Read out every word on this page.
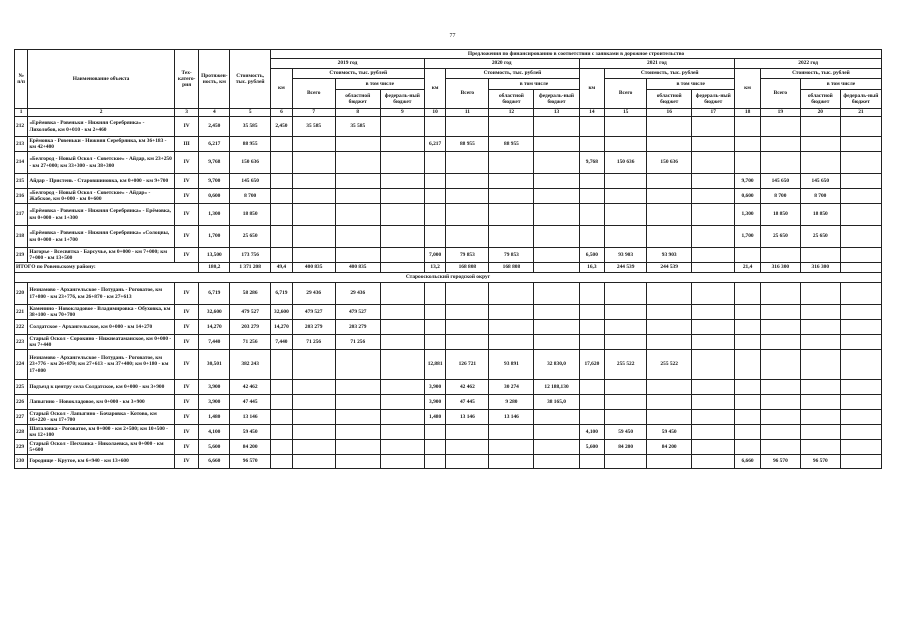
77
№ п/п	Наименование объекта	Тех-катего-рия	Протяжен-ность, км	Стоимость, тыс. рублей	Предложения по финансированию в соответствии с заявками в дорожное строительство															
					2019 год				2020 год				2021 год				2022 год			
					км	Стоимость, тыс. рублей			км	Стоимость, тыс. рублей			км	Стоимость, тыс. рублей			км	Стоимость, тыс. рублей		
						Всего	в том числе			Всего	в том числе			Всего	в том числе			Всего	в том числе	
							областной бюджет	федераль-ный бюджет			областной бюджет	федераль-ный бюджет			областной бюджет	федераль-ный бюджет			областной бюджет	федераль-ный бюджет
1	2	3	4	5	6	7	8	9	10	11	12	13	14	15	16	17	18	19	20	21
212	«Ерёмовка - Ровеньки - Нижняя Серебрянка» - Лихолобов, км 0+010 - км 2+460	IV	2,450	35 585	2,450	35 585	35 585													
213	Ерёмовка - Ровеньки - Нижняя Серебрянка, км 36+183 - км 42+400	III	6,217	88 955					6,217	88 955	88 955									
214	«Белгород - Новый Оскол - Советское» - Айдар, км 23+250 - км 27+000; км 33+300 - км 38+300	IV	9,768	150 636									9,768	150 636	150 636					
215	Айдар - Пристень - Старовшиновка, км 0+000 - км 9+700	IV	9,700	145 650													9,700	145 650	145 650	
216	«Белгород - Новый Оскол - Советское» - Айдар» - Жабское, км 0+000 - км 0+600	IV	0,600	8 700													0,600	8 700	8 700	
217	«Ерёмовка - Ровеньки - Нижняя Серебрянка» - Ерёмовка, км 0+000 - км 1+300	IV	1,300	18 850													1,300	18 850	18 850	
218	«Ерёмовка - Ровеньки - Нижняя Серебрянка» «Солоцвы, км 0+000 - км 1+700	IV	1,700	25 650													1,700	25 650	25 650	
219	Нагорье - Всесвятка - Барсучье, км 0+000 - км 7+000; км 7+000 - км 13+500	IV	13,500	173 756					7,000	79 853	79 853		6,500	93 903	93 903					
ИТОГО по Ровеньскому району:			180,2	1 371 208	49,4	400 835	400 835		13,2	168 808	168 808		16,3	244 539	244 539		21,4	316 300	316 300	
Старооскольский городской округ																				
220	Незнамово - Архангельское - Потудань - Роговатое, км 17+800 - км 23+776, км 26+870 - км 27+613	IV	6,719	58 286	6,719	29 436	29 436													
221	Каменино - Новокладовое - Владимировка - Обуховка, км 38+100 - км 70+700	IV	32,600	479 527	32,600	479 527	479 527													
222	Солдатское - Архангельское, км 0+000 - км 14+270	IV	14,270	203 279	14,270	203 279	203 279													
223	Старый Оскол - Сорокино - Нижнеатаманское, км 0+000 - км 7+440	IV	7,440	71 256	7,440	71 256	71 256													
224	Незнамово - Архангельское - Потудань - Роговатое, км 23+776 - км 26+870; км 27+613 - км 37+400; км 0+180 - км 17+800	IV	30,501	382 243					12,881	126 721	93 891	32 830,0	17,620	255 522	255 522					
225	Подъезд к центру села Солдатское, км 0+000 - км 3+900	IV	3,900	42 462					3,900	42 462	30 274	12 188,130								
226	Лапыгино - Новокладовое, км 0+000 - км 3+900	IV	3,900	47 445					3,900	47 445	9 280	38 165,0								
227	Старый Оскол - Лапыгино - Бочаровка - Котово, км 16+220 - км 17+700	IV	1,480	13 146					1,480	13 146	13 146									
228	Шаталовка - Роговатое, км 0+000 - км 2+500; км 10+500 - км 12+100	IV	4,100	59 450									4,100	59 450	59 450					
229	Старый Оскол - Песчанка - Николаевка, км 0+000 - км 5+600	IV	5,600	84 200									5,600	84 200	84 200					
230	Городище - Крутое, км 6+940 - км 13+600	IV	6,660	96 570													6,660	96 570	96 570	
